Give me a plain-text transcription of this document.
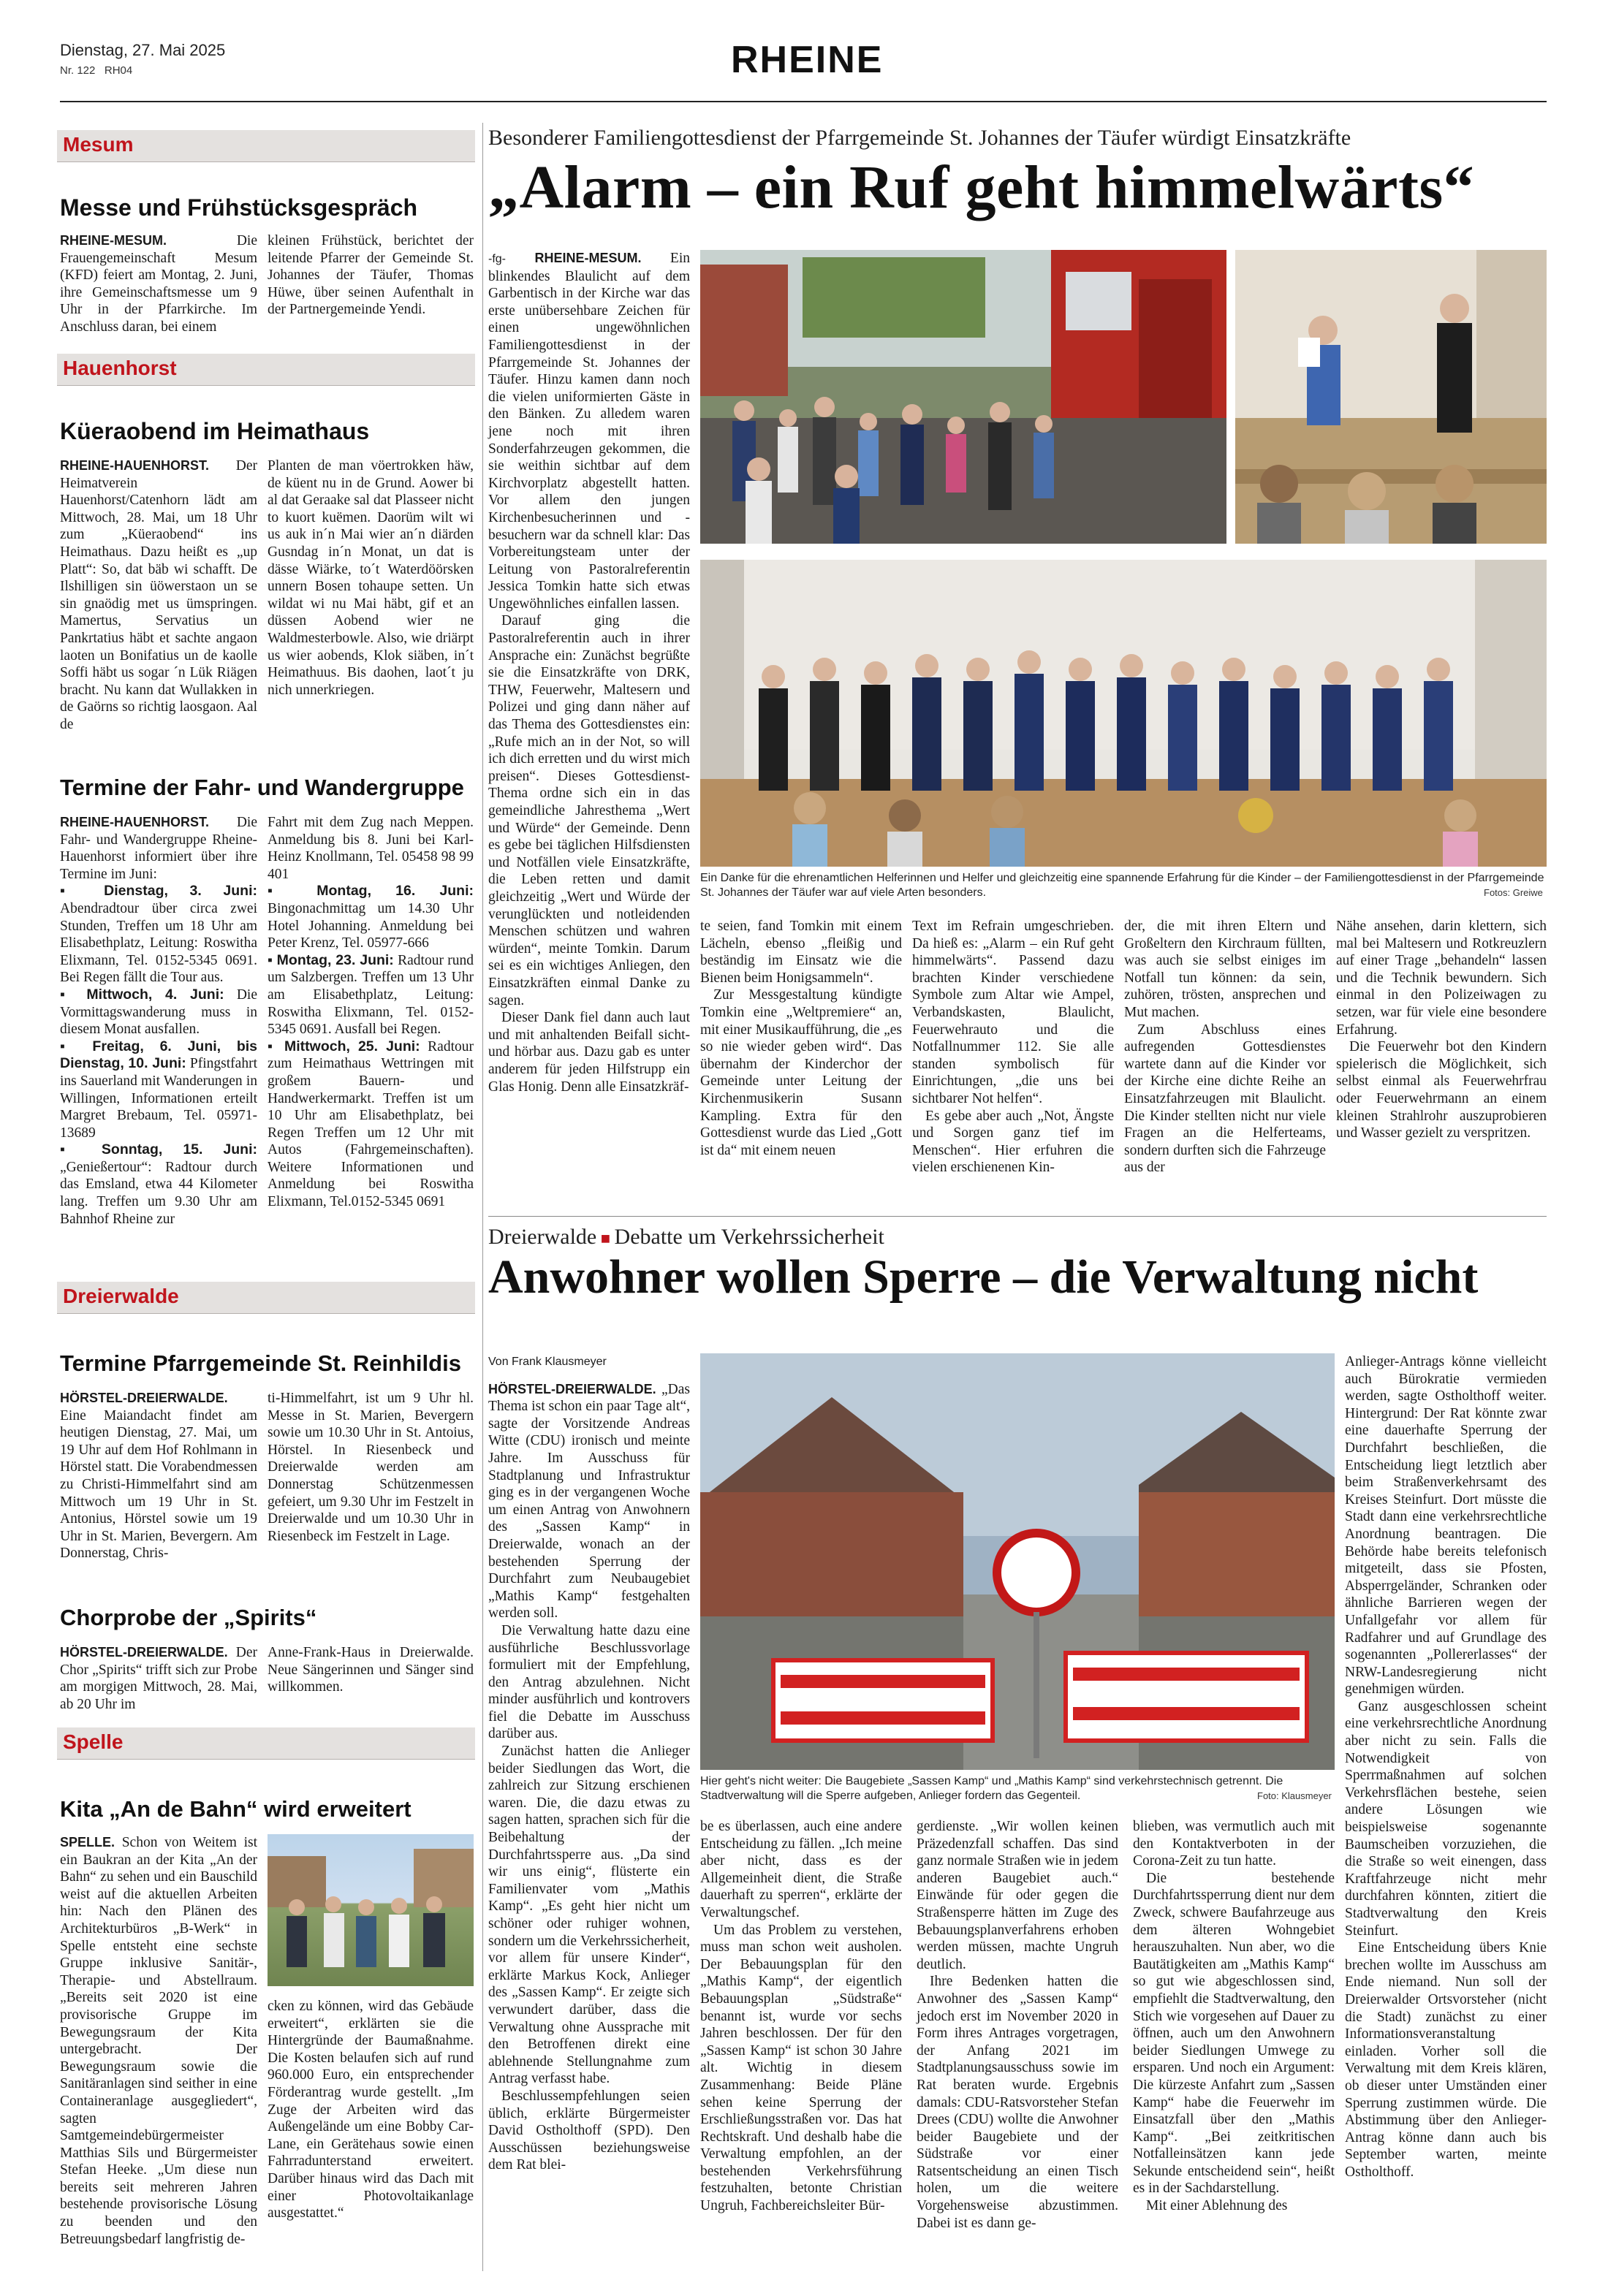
Dienstag, 27. Mai 2025
Nr. 122   RH04	RHEINE
Mesum
Messe und Frühstücksgespräch

RHEINE-MESUM.	Die Frauengemeinschaft Mesum (KFD) feiert am Montag, 2. Juni, ihre Gemeinschaftsmesse um 9 Uhr in der Pfarrkirche. Im Anschluss daran, bei einem

kleinen Frühstück, berichtet der leitende Pfarrer der Gemeinde St. Johannes der Täufer, Thomas Hüwe, über seinen Aufenthalt in der Partnergemeinde Yendi.

Hauenhorst
Küeraobend im Heimathaus

RHEINE-HAUENHORST. Der Heimatverein Hauenhorst/Catenhorn lädt am Mittwoch, 28. Mai, um 18 Uhr zum „Küeraobend“ ins Heimathaus. Dazu heißt es „up Platt“: So, dat bäb wi schafft. De Ilshilligen sin üöwerstaon un se sin gnaödig met us ümspringen. Mamertus, Servatius un Pankrtatius häbt et sachte angaon laoten un Bonifatius un de kaolle Soffi häbt us sogar ´n Lük Riägen bracht. Nu kann dat Wullakken in de Gaörns so richtig laosgaon. Aal de

Planten de man vöertrokken häw, de küent nu in de Grund. Aower bi al dat Geraake sal dat Plasseer nicht to kuort kuëmen. Daorüm wilt wi us auk in´n Mai wier an´n diärden Gusndag in´n Monat, un dat is dässe Wiärke, to´t Waterdöörsken unnern Bosen tohaupe setten. Un wildat wi nu Mai häbt, gif et an düssen Aobend wier ne Waldmesterbowle. Also, wie driärpt us wier aobends, Klok siäben, in´t Heimathuus. Bis daohen, laot´t ju nich unnerkriegen.

Termine der Fahr- und Wandergruppe

RHEINE-HAUENHORST. Die Fahr- und Wandergruppe Rheine-Hauenhorst informiert über ihre Termine im Juni:

▪ Dienstag, 3. Juni: Abendradtour über circa zwei Stunden, Treffen um 18 Uhr am Elisabethplatz, Leitung: Roswitha Elixmann, Tel. 0152-5345 0691. Bei Regen fällt die Tour aus.
▪ Mittwoch, 4. Juni: Die Vormittagswanderung muss in diesem Monat ausfallen.
▪ Freitag, 6. Juni, bis Dienstag, 10. Juni: Pfingstfahrt ins Sauerland mit Wanderungen in Willingen, Informationen erteilt Margret Brebaum, Tel. 05971-13689
▪ Sonntag, 15. Juni: „Genießertour“: Radtour durch das Emsland, etwa 44 Kilometer lang. Treffen um 9.30 Uhr am Bahnhof Rheine zur

Fahrt mit dem Zug nach Meppen. Anmeldung bis 8. Juni bei Karl-Heinz Knollmann, Tel. 05458 98 99 401

▪ Montag, 16. Juni: Bingonachmittag um 14.30 Uhr Hotel Johanning. Anmeldung bei Peter Krenz, Tel. 05977-666
▪ Montag, 23. Juni: Radtour rund um Salzbergen. Treffen um 13 Uhr am Elisabethplatz, Leitung: Roswitha Elixmann, Tel. 0152-5345 0691. Ausfall bei Regen.
▪ Mittwoch, 25. Juni: Radtour zum Heimathaus Wettringen mit großem Bauern- und Handwerkermarkt. Treffen ist um 10 Uhr am Elisabethplatz, bei Regen Treffen um 12 Uhr mit Autos (Fahrgemeinschaften). Weitere Informationen und Anmeldung bei Roswitha Elixmann, Tel.0152-5345 0691
Dreierwalde
Termine Pfarrgemeinde St. Reinhildis

HÖRSTEL-DREIERWALDE. Eine Maiandacht findet am heutigen Dienstag, 27. Mai, um 19 Uhr auf dem Hof Rohlmann in Hörstel statt. Die Vorabendmessen zu Christi-Himmelfahrt sind am Mittwoch um 19 Uhr in St. Antonius, Hörstel sowie um 19 Uhr in St. Marien, Bevergern. Am Donnerstag, Chris-

ti-Himmelfahrt, ist um 9 Uhr hl. Messe in St. Marien, Bevergern sowie um 10.30 Uhr in St. Antoius, Hörstel. In Riesenbeck und Dreierwalde werden am Donnerstag Schützenmessen gefeiert, um 9.30 Uhr im Festzelt in Dreierwalde und um 10.30 Uhr in Riesenbeck im Festzelt in Lage.

Chorprobe der „Spirits“

HÖRSTEL-DREIERWALDE. Der Chor „Spirits“ trifft sich zur Probe am morgigen Mittwoch, 28. Mai, ab 20 Uhr im

Anne-Frank-Haus in Dreierwalde. Neue Sängerinnen und Sänger sind willkommen.

Spelle
Kita „An de Bahn“ wird erweitert

SPELLE. Schon von Weitem ist ein Baukran an der Kita „An der Bahn“ zu sehen und ein Bauschild weist auf die aktuellen Arbeiten hin: Nach den Plänen des Architekturbüros „B-Werk“ in Spelle entsteht eine sechste Gruppe inklusive Sanitär-, Therapie- und Abstellraum. „Bereits seit 2020 ist eine provisorische Gruppe im Bewegungsraum der Kita untergebracht. Der Bewegungsraum sowie die Sanitäranlagen sind seither in eine Containeranlage ausgegliedert“, sagten Samtgemeindebürgermeister Matthias Sils und Bürgermeister Stefan Heeke. „Um diese nun bereits seit mehreren Jahren bestehende provisorische Lösung zu beenden und den Betreuungsbedarf langfristig de-

cken zu können, wird das Gebäude erweitert“, erklärten sie die Hintergründe der Baumaßnahme. Die Kosten belaufen sich auf rund 960.000 Euro, ein entsprechender Förderantrag wurde gestellt. „Im Zuge der Arbeiten wird das Außengelände um eine Bobby Car-Lane, ein Gerätehaus sowie einen Fahrradunterstand erweitert. Darüber hinaus wird das Dach mit einer Photovoltaikanlage ausgestattet.“

Besonderer Familiengottesdienst der Pfarrgemeinde St. Johannes der Täufer würdigt Einsatzkräfte
„Alarm – ein Ruf geht himmelwärts“

-fg- RHEINE-MESUM. Ein blinkendes Blaulicht auf dem Garbentisch in der Kirche war das erste unübersehbare Zeichen für einen ungewöhnlichen Familiengottesdienst in der Pfarrgemeinde St. Johannes der Täufer. Hinzu kamen dann noch die vielen uniformierten Gäste in den Bänken. Zu alledem waren jene noch mit ihren Sonderfahrzeugen gekommen, die sie weithin sichtbar auf dem Kirchvorplatz abgestellt hatten. Vor allem den jungen Kirchenbesucherinnen und -besuchern war da schnell klar: Das Vorbereitungsteam unter der Leitung von Pastoralreferentin Jessica Tomkin hatte sich etwas Ungewöhnliches einfallen lassen.

Darauf ging die Pastoralreferentin auch in ihrer Ansprache ein: Zunächst begrüßte sie die Einsatzkräfte von DRK, THW, Feuerwehr, Maltesern und Polizei und ging dann näher auf das Thema des Gottesdienstes ein: „Rufe mich an in der Not, so will ich dich erretten und du wirst mich preisen“. Dieses Gottesdienst-Thema ordne sich ein in das gemeindliche Jahresthema „Wert und Würde“ der Gemeinde. Denn es gebe bei täglichen Hilfsdiensten und Notfällen viele Einsatzkräfte, die Leben retten und damit gleichzeitig „Wert und Würde der verunglückten und notleidenden Menschen schützen und wahren würden“, meinte Tomkin. Darum sei es ein wichtiges Anliegen, den Einsatzkräften einmal Danke zu sagen.

Dieser Dank fiel dann auch laut und mit anhaltenden Beifall sicht- und hörbar aus. Dazu gab es unter anderem für jeden Hilfstrupp ein Glas Honig. Denn alle Einsatzkräf-

Ein Danke für die ehrenamtlichen Helferinnen und Helfer und gleichzeitig eine spannende Erfahrung für die Kinder – der Familiengottesdienst in der Pfarrgemeinde St. Johannes der Täufer war auf viele Arten besonders.	Fotos: Greiwe

te seien, fand Tomkin mit einem Lächeln, ebenso „fleißig und beständig im Einsatz wie die Bienen beim Honigsammeln“.

Zur Messgestaltung kündigte Tomkin eine „Weltpremiere“ an, mit einer Musikaufführung, die „es so nie wieder geben wird“. Das übernahm der Kinderchor der Gemeinde unter Leitung der Kirchenmusikerin Susann Kampling. Extra für den Gottesdienst wurde das Lied „Gott ist da“ mit einem neuen

Text im Refrain umgeschrieben. Da hieß es: „Alarm – ein Ruf geht himmelwärts“. Passend dazu brachten Kinder verschiedene Symbole zum Altar wie Ampel, Verbandskasten, Blaulicht, Feuerwehrauto und die Notfallnummer 112. Sie alle standen symbolisch für Einrichtungen, „die uns bei sichtbarer Not helfen“.

Es gebe aber auch „Not, Ängste und Sorgen ganz tief im Menschen“. Hier erfuhren die vielen erschienenen Kin-

der, die mit ihren Eltern und Großeltern den Kirchraum füllten, was auch sie selbst einiges im Notfall tun können: da sein, zuhören, trösten, ansprechen und Mut machen.

Zum Abschluss eines aufregenden Gottesdienstes wartete dann auf die Kinder vor der Kirche eine dichte Reihe an Einsatzfahrzeugen mit Blaulicht. Die Kinder stellten nicht nur viele Fragen an die Helferteams, sondern durften sich die Fahrzeuge aus der

Nähe ansehen, darin klettern, sich mal bei Maltesern und Rotkreuzlern auf einer Trage „behandeln“ lassen und die Technik bewundern. Sich einmal in den Polizeiwagen zu setzen, war für viele eine besondere Erfahrung.

Die Feuerwehr bot den Kindern spielerisch die Möglichkeit, sich selbst einmal als Feuerwehrfrau oder Feuerwehrmann an einem kleinen Strahlrohr auszuprobieren und Wasser gezielt zu verspritzen.

Dreierwalde ■ Debatte um Verkehrssicherheit
Anwohner wollen Sperre – die Verwaltung nicht

Von Frank Klausmeyer

HÖRSTEL-DREIERWALDE. „Das Thema ist schon ein paar Tage alt“, sagte der Vorsitzende Andreas Witte (CDU) ironisch und meinte Jahre. Im Ausschuss für Stadtplanung und Infrastruktur ging es in der vergangenen Woche um einen Antrag von Anwohnern des „Sassen Kamp“ in Dreierwalde, wonach an der bestehenden Sperrung der Durchfahrt zum Neubaugebiet „Mathis Kamp“ festgehalten werden soll.

Die Verwaltung hatte dazu eine ausführliche Beschlussvorlage formuliert mit der Empfehlung, den Antrag abzulehnen. Nicht minder ausführlich und kontrovers fiel die Debatte im Ausschuss darüber aus.

Zunächst hatten die Anlieger beider Siedlungen das Wort, die zahlreich zur Sitzung erschienen waren. Die, die dazu etwas zu sagen hatten, sprachen sich für die Beibehaltung der Durchfahrtssperre aus. „Da sind wir uns einig“, flüsterte ein Familienvater vom „Mathis Kamp“. „Es geht hier nicht um schöner oder ruhiger wohnen, sondern um die Verkehrssicherheit, vor allem für unsere Kinder“, erklärte Markus Kock, Anlieger des „Sassen Kamp“. Er zeigte sich verwundert darüber, dass die Verwaltung ohne Aussprache mit den Betroffenen direkt eine ablehnende Stellungnahme zum Antrag verfasst habe.

Beschlussempfehlungen seien üblich, erklärte Bürgermeister David Ostholthoff (SPD). Den Ausschüssen beziehungsweise dem Rat blei-

Hier geht's nicht weiter: Die Baugebiete „Sassen Kamp“ und „Mathis Kamp“ sind verkehrstechnisch getrennt. Die Stadtverwaltung will die Sperre aufgeben, Anlieger fordern das Gegenteil.	Foto: Klausmeyer

Anlieger-Antrags könne vielleicht auch Bürokratie vermieden werden, sagte Ostholthoff weiter. Hintergrund: Der Rat könnte zwar eine dauerhafte Sperrung der Durchfahrt beschließen, die Entscheidung liegt letztlich aber beim Straßenverkehrsamt des Kreises Steinfurt. Dort müsste die Stadt dann eine verkehrsrechtliche Anordnung beantragen. Die Behörde habe bereits telefonisch mitgeteilt, dass sie Pfosten, Absperrgeländer, Schranken oder ähnliche Barrieren wegen der Unfallgefahr vor allem für Radfahrer und auf Grundlage des sogenannten „Pollererlasses“ der NRW-Landesregierung nicht genehmigen würden.

Ganz ausgeschlossen scheint eine verkehrsrechtliche Anordnung aber nicht zu sein. Falls die Notwendigkeit von Sperrmaßnahmen auf solchen Verkehrsflächen bestehe, seien andere Lösungen wie beispielsweise sogenannte Baumscheiben vorzuziehen, die die Straße so weit einengen, dass Kraftfahrzeuge nicht mehr durchfahren könnten, zitiert die Stadtverwaltung den Kreis Steinfurt.

Eine Entscheidung übers Knie brechen wollte im Ausschuss am Ende niemand. Nun soll der Dreierwalder Ortsvorsteher (nicht die Stadt) zunächst zu einer Informationsveranstaltung einladen. Vorher soll die Verwaltung mit dem Kreis klären, ob dieser unter Umständen einer Sperrung zustimmen würde. Die Abstimmung über den Anlieger-Antrag könne dann auch bis September warten, meinte Ostholthoff.

be es überlassen, auch eine andere Entscheidung zu fällen. „Ich meine aber nicht, dass es der Allgemeinheit dient, die Straße dauerhaft zu sperren“, erklärte der Verwaltungschef.

Um das Problem zu verstehen, muss man schon weit ausholen. Der Bebauungsplan für den „Mathis Kamp“, der eigentlich Bebauungsplan „Südstraße“ benannt ist, wurde vor sechs Jahren beschlossen. Der für den „Sassen Kamp“ ist schon 30 Jahre alt. Wichtig in diesem Zusammenhang: Beide Pläne sehen keine Sperrung der Erschließungsstraßen vor. Das hat Rechtskraft. Und deshalb habe die Verwaltung empfohlen, an der bestehenden Verkehrsführung festzuhalten, betonte Christian Ungruh, Fachbereichsleiter Bür-

gerdienste. „Wir wollen keinen Präzedenzfall schaffen. Das sind ganz normale Straßen wie in jedem anderen Baugebiet auch.“ Einwände für oder gegen die Straßensperre hätten im Zuge des Bebauungsplanverfahrens erhoben werden müssen, machte Ungruh deutlich.

Ihre Bedenken hatten die Anwohner des „Sassen Kamp“ jedoch erst im November 2020 in Form ihres Antrages vorgetragen, der Anfang 2021 im Stadtplanungsausschuss sowie im Rat beraten wurde. Ergebnis damals: CDU-Ratsvorsteher Stefan Drees (CDU) wollte die Anwohner beider Baugebiete und der Südstraße vor einer Ratsentscheidung an einen Tisch holen, um die weitere Vorgehensweise abzustimmen. Dabei ist es dann ge-

blieben, was vermutlich auch mit den Kontaktverboten in der Corona-Zeit zu tun hatte.

Die bestehende Durchfahrtssperrung dient nur dem Zweck, schwere Baufahrzeuge aus dem älteren Wohngebiet herauszuhalten. Nun aber, wo die Bautätigkeiten am „Mathis Kamp“ so gut wie abgeschlossen sind, empfiehlt die Stadtverwaltung, den Stich wie vorgesehen auf Dauer zu öffnen, auch um den Anwohnern beider Siedlungen Umwege zu ersparen. Und noch ein Argument: Die kürzeste Anfahrt zum „Sassen Kamp“ habe die Feuerwehr im Einsatzfall über den „Mathis Kamp“. „Bei zeitkritischen Notfalleinsätzen kann jede Sekunde entscheidend sein“, heißt es in der Sachdarstellung.

Mit einer Ablehnung des
